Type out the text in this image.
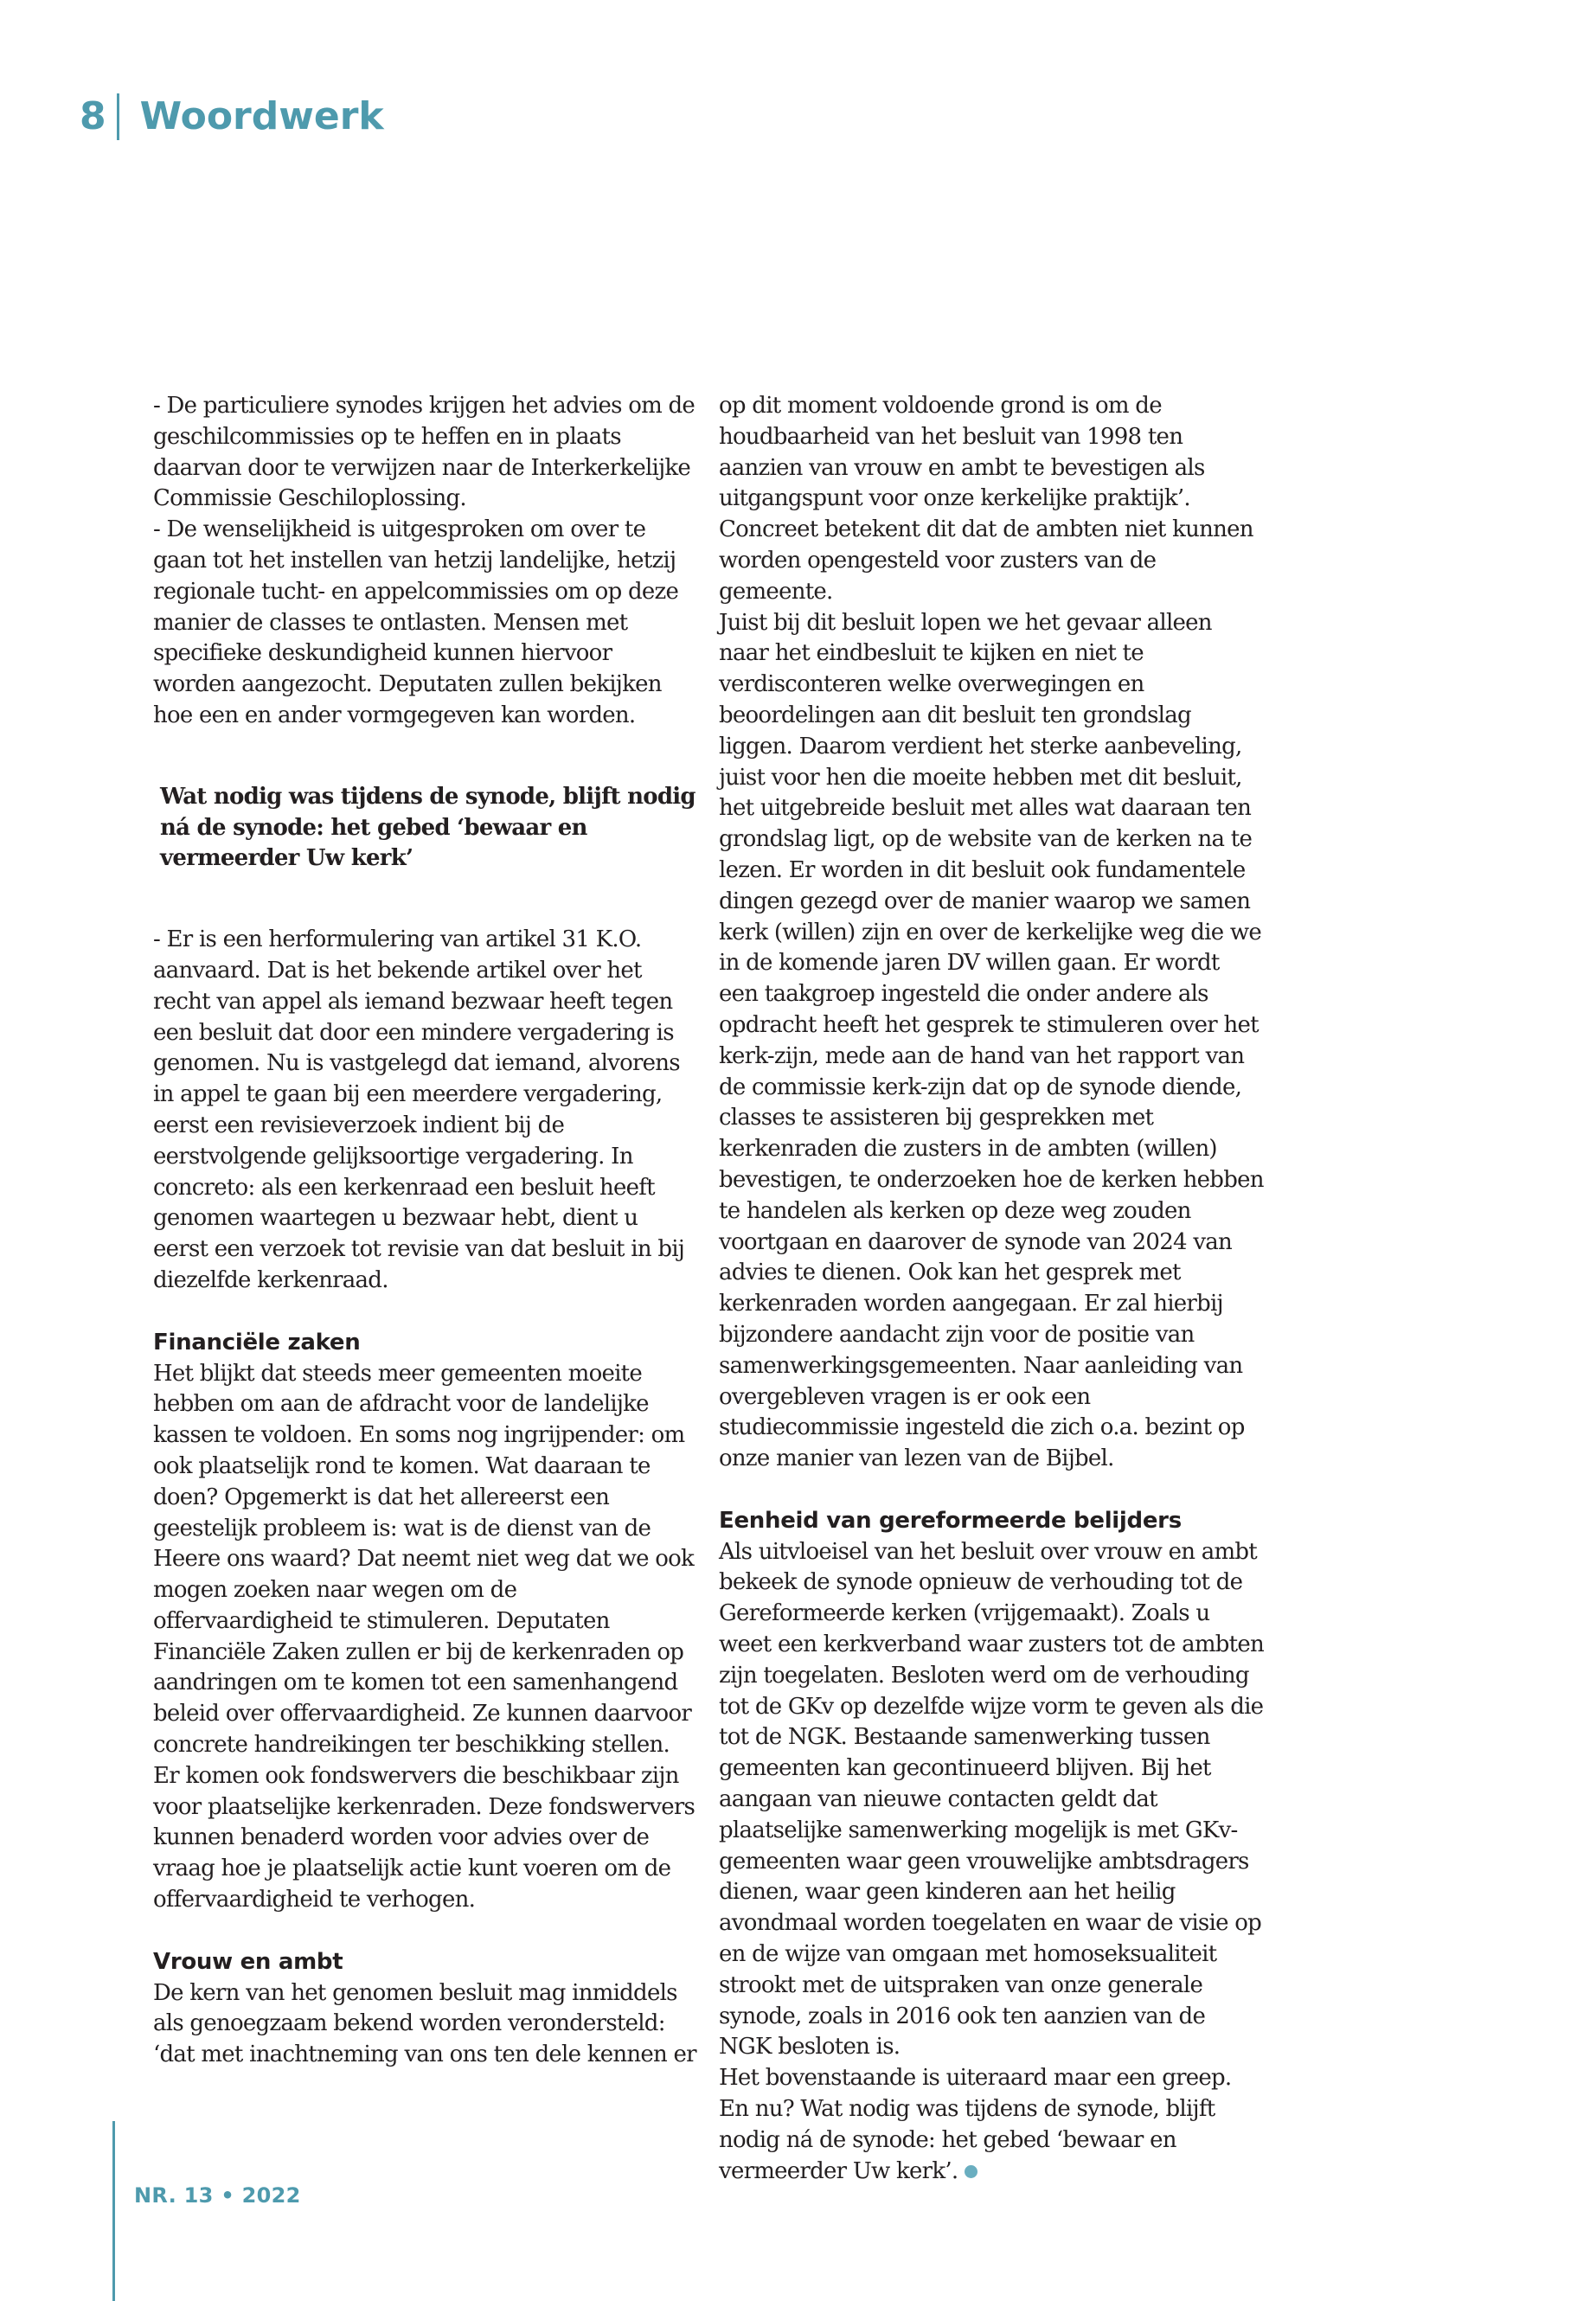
8 Woordwerk

- De particuliere synodes krijgen het advies om de geschilcommissies op te heffen en in plaats daarvan door te verwijzen naar de Interkerkelijke Commissie Geschiloplossing.

- De wenselijkheid is uitgesproken om over te gaan tot het instellen van hetzij landelijke, hetzij regionale tucht- en appelcommissies om op deze manier de classes te ontlasten. Mensen met specifieke deskundigheid kunnen hiervoor worden aangezocht. Deputaten zullen bekijken hoe een en ander vormgegeven kan worden.

Wat nodig was tijdens de synode, blijft nodig ná de synode: het gebed ‘bewaar en vermeerder Uw kerk’

- Er is een herformulering van artikel 31 K.O. aanvaard. Dat is het bekende artikel over het recht van appel als iemand bezwaar heeft tegen een besluit dat door een mindere vergadering is genomen. Nu is vastgelegd dat iemand, alvorens in appel te gaan bij een meerdere vergadering, eerst een revisieverzoek indient bij de eerstvolgende gelijksoortige vergadering. In concreto: als een kerkenraad een besluit heeft genomen waartegen u bezwaar hebt, dient u eerst een verzoek tot revisie van dat besluit in bij diezelfde kerkenraad.

Financiële zaken

Het blijkt dat steeds meer gemeenten moeite hebben om aan de afdracht voor de landelijke kassen te voldoen. En soms nog ingrijpender: om ook plaatselijk rond te komen. Wat daaraan te doen? Opgemerkt is dat het allereerst een geestelijk probleem is: wat is de dienst van de Heere ons waard? Dat neemt niet weg dat we ook mogen zoeken naar wegen om de offervaardigheid te stimuleren. Deputaten Financiële Zaken zullen er bij de kerkenraden op aandringen om te komen tot een samenhangend beleid over offervaardigheid. Ze kunnen daarvoor concrete handreikingen ter beschikking stellen. Er komen ook fondswervers die beschikbaar zijn voor plaatselijke kerkenraden. Deze fondswervers kunnen benaderd worden voor advies over de vraag hoe je plaatselijk actie kunt voeren om de offervaardigheid te verhogen.

Vrouw en ambt

De kern van het genomen besluit mag inmiddels als genoegzaam bekend worden verondersteld: ‘dat met inachtneming van ons ten dele kennen er

op dit moment voldoende grond is om de houdbaarheid van het besluit van 1998 ten aanzien van vrouw en ambt te bevestigen als uitgangspunt voor onze kerkelijke praktijk’. Concreet betekent dit dat de ambten niet kunnen worden opengesteld voor zusters van de gemeente.

Juist bij dit besluit lopen we het gevaar alleen naar het eindbesluit te kijken en niet te verdisconteren welke overwegingen en beoordelingen aan dit besluit ten grondslag liggen. Daarom verdient het sterke aanbeveling, juist voor hen die moeite hebben met dit besluit, het uitgebreide besluit met alles wat daaraan ten grondslag ligt, op de website van de kerken na te lezen. Er worden in dit besluit ook fundamentele dingen gezegd over de manier waarop we samen kerk (willen) zijn en over de kerkelijke weg die we in de komende jaren DV willen gaan. Er wordt een taakgroep ingesteld die onder andere als opdracht heeft het gesprek te stimuleren over het kerk-zijn, mede aan de hand van het rapport van de commissie kerk-zijn dat op de synode diende, classes te assisteren bij gesprekken met kerkenraden die zusters in de ambten (willen) bevestigen, te onderzoeken hoe de kerken hebben te handelen als kerken op deze weg zouden voortgaan en daarover de synode van 2024 van advies te dienen. Ook kan het gesprek met kerkenraden worden aangegaan. Er zal hierbij bijzondere aandacht zijn voor de positie van samenwerkingsgemeenten. Naar aanleiding van overgebleven vragen is er ook een studiecommissie ingesteld die zich o.a. bezint op onze manier van lezen van de Bijbel.

Eenheid van gereformeerde belijders

Als uitvloeisel van het besluit over vrouw en ambt bekeek de synode opnieuw de verhouding tot de Gereformeerde kerken (vrijgemaakt). Zoals u weet een kerkverband waar zusters tot de ambten zijn toegelaten. Besloten werd om de verhouding tot de GKv op dezelfde wijze vorm te geven als die tot de NGK. Bestaande samenwerking tussen gemeenten kan gecontinueerd blijven. Bij het aangaan van nieuwe contacten geldt dat plaatselijke samenwerking mogelijk is met GKv-gemeenten waar geen vrouwelijke ambtsdragers dienen, waar geen kinderen aan het heilig avondmaal worden toegelaten en waar de visie op en de wijze van omgaan met homoseksualiteit strookt met de uitspraken van onze generale synode, zoals in 2016 ook ten aanzien van de NGK besloten is.

Het bovenstaande is uiteraard maar een greep. En nu? Wat nodig was tijdens de synode, blijft nodig ná de synode: het gebed ‘bewaar en vermeerder Uw kerk’.

NR. 13 • 2022
